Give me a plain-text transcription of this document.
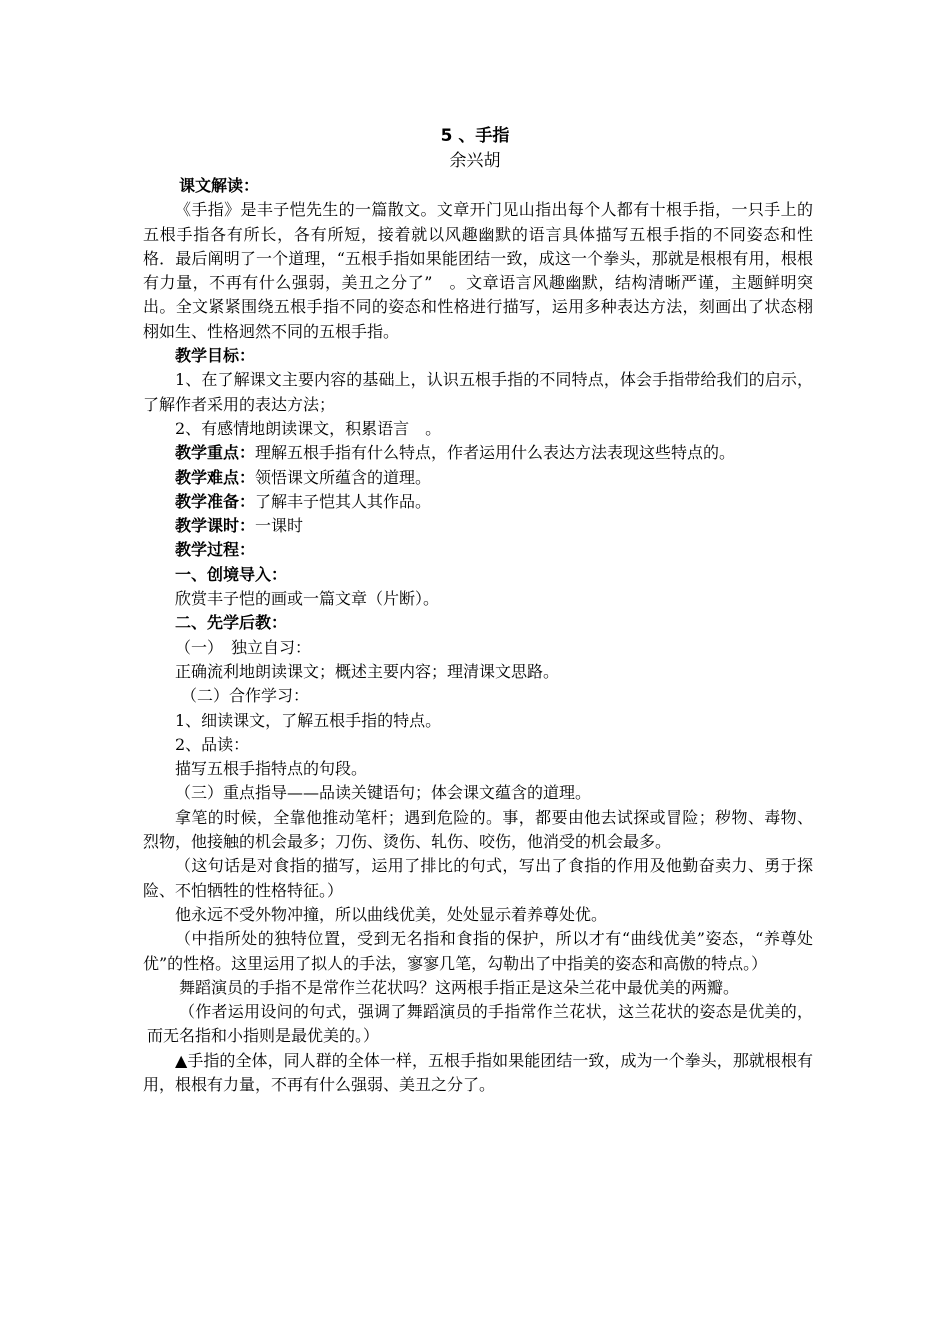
5 、手指
余兴胡

课文解读：

《手指》是丰子恺先生的一篇散文。文章开门见山指出每个人都有十根手指，一只手上的五根手指各有所长，各有所短，接着就以风趣幽默的语言具体描写五根手指的不同姿态和性格．最后阐明了一个道理，“五根手指如果能团结一致，成这一个拳头，那就是根根有用，根根有力量，不再有什么强弱，美丑之分了”　。文章语言风趣幽默，结构清晰严谨，主题鲜明突出。全文紧紧围绕五根手指不同的姿态和性格进行描写，运用多种表达方法，刻画出了状态栩栩如生、性格迥然不同的五根手指。

教学目标：

1、在了解课文主要内容的基础上，认识五根手指的不同特点，体会手指带给我们的启示，了解作者采用的表达方法；

2、有感情地朗读课文，积累语言　。

教学重点：理解五根手指有什么特点，作者运用什么表达方法表现这些特点的。

教学难点：领悟课文所蕴含的道理。

教学准备：了解丰子恺其人其作品。

教学课时：一课时

教学过程：

一、创境导入：

欣赏丰子恺的画或一篇文章（片断）。

二、先学后教：

（一）　独立自习：

正确流利地朗读课文；概述主要内容；理清课文思路。

（二）合作学习：

1、细读课文，了解五根手指的特点。

2、品读：

描写五根手指特点的句段。

（三）重点指导——品读关键语句；体会课文蕴含的道理。

拿笔的时候，全靠他推动笔杆；遇到危险的。事，都要由他去试探或冒险；秽物、毒物、烈物，他接触的机会最多；刀伤、烫伤、轧伤、咬伤，他消受的机会最多。

（这句话是对食指的描写，运用了排比的句式，写出了食指的作用及他勤奋卖力、勇于探险、不怕牺牲的性格特征。）

他永远不受外物冲撞，所以曲线优美，处处显示着养尊处优。

（中指所处的独特位置，受到无名指和食指的保护，所以才有“曲线优美”姿态，“养尊处优”的性格。这里运用了拟人的手法，寥寥几笔，勾勒出了中指美的姿态和高傲的特点。）

舞蹈演员的手指不是常作兰花状吗？这两根手指正是这朵兰花中最优美的两瓣。

（作者运用设问的句式，强调了舞蹈演员的手指常作兰花状，这兰花状的姿态是优美的，而无名指和小指则是最优美的。）

▲手指的全体，同人群的全体一样，五根手指如果能团结一致，成为一个拳头，那就根根有用，根根有力量，不再有什么强弱、美丑之分了。
